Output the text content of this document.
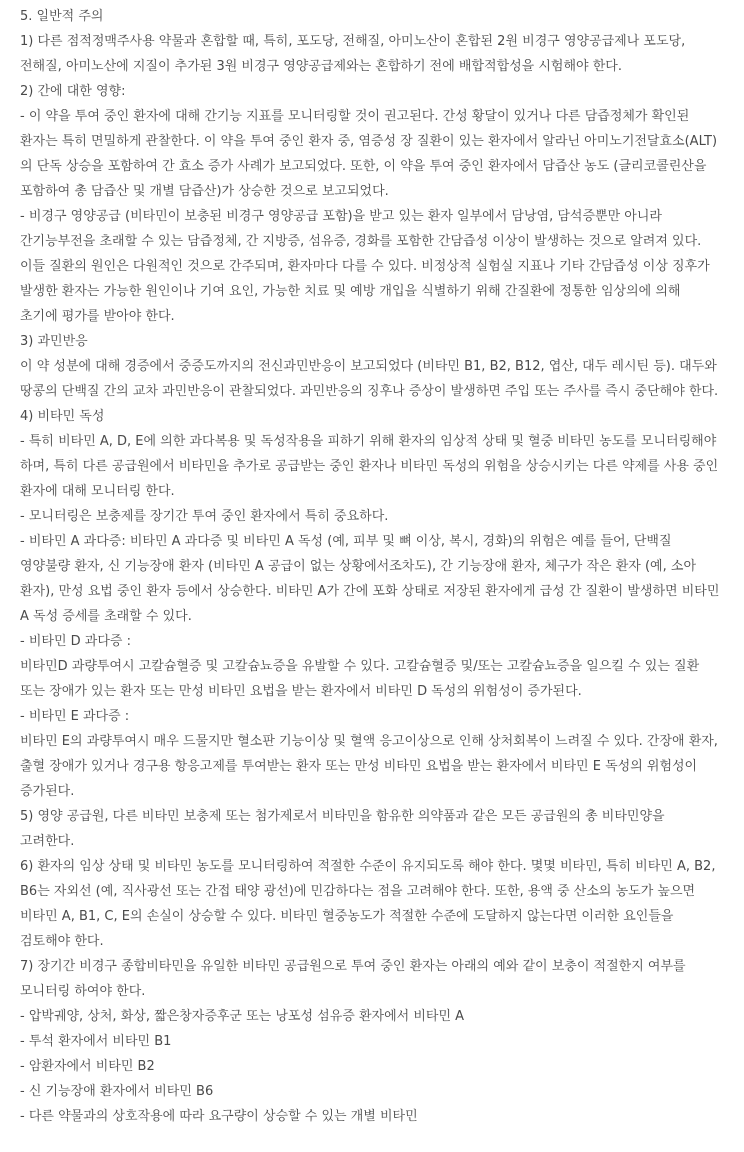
5. 일반적 주의

1) 다른 점적정맥주사용 약물과 혼합할 때, 특히, 포도당, 전해질, 아미노산이 혼합된 2원 비경구 영양공급제나 포도당, 전해질, 아미노산에 지질이 추가된 3원 비경구 영양공급제와는 혼합하기 전에 배합적합성을 시험해야 한다.

2) 간에 대한 영향:

- 이 약을 투여 중인 환자에 대해 간기능 지표를 모니터링할 것이 권고된다. 간성 황달이 있거나 다른 담즙정체가 확인된 환자는 특히 면밀하게 관찰한다. 이 약을 투여 중인 환자 중, 염증성 장 질환이 있는 환자에서 알라닌 아미노기전달효소(ALT)의 단독 상승을 포함하여 간 효소 증가 사례가 보고되었다. 또한, 이 약을 투여 중인 환자에서 담즙산 농도 (글리코콜린산을 포함하여 총 담즙산 및 개별 담즙산)가 상승한 것으로 보고되었다.

- 비경구 영양공급 (비타민이 보충된 비경구 영양공급 포함)을 받고 있는 환자 일부에서 담낭염, 담석증뿐만 아니라 간기능부전을 초래할 수 있는 담즙정체, 간 지방증, 섬유증, 경화를 포함한 간담즙성 이상이 발생하는 것으로 알려져 있다. 이들 질환의 원인은 다원적인 것으로 간주되며, 환자마다 다를 수 있다. 비정상적 실험실 지표나 기타 간담즙성 이상 징후가 발생한 환자는 가능한 원인이나 기여 요인, 가능한 치료 및 예방 개입을 식별하기 위해 간질환에 정통한 임상의에 의해 초기에 평가를 받아야 한다.

3) 과민반응

이 약 성분에 대해 경증에서 중증도까지의 전신과민반응이 보고되었다 (비타민 B1, B2, B12, 엽산, 대두 레시틴 등). 대두와 땅콩의 단백질 간의 교차 과민반응이 관찰되었다. 과민반응의 징후나 증상이 발생하면 주입 또는 주사를 즉시 중단해야 한다.

4) 비타민 독성

- 특히 비타민 A, D, E에 의한 과다복용 및 독성작용을 피하기 위해 환자의 임상적 상태 및 혈중 비타민 농도를 모니터링해야 하며, 특히 다른 공급원에서 비타민을 추가로 공급받는 중인 환자나 비타민 독성의 위험을 상승시키는 다른 약제를 사용 중인 환자에 대해 모니터링 한다.

- 모니터링은 보충제를 장기간 투여 중인 환자에서 특히 중요하다.

- 비타민 A 과다증: 비타민 A 과다증 및 비타민 A 독성 (예, 피부 및 뼈 이상, 복시, 경화)의 위험은 예를 들어, 단백질 영양불량 환자, 신 기능장애 환자 (비타민 A 공급이 없는 상황에서조차도), 간 기능장애 환자, 체구가 작은 환자 (예, 소아 환자), 만성 요법 중인 환자 등에서 상승한다. 비타민 A가 간에 포화 상태로 저장된 환자에게 급성 간 질환이 발생하면 비타민 A 독성 증세를 초래할 수 있다.

- 비타민 D 과다증 :

비타민D 과량투여시 고칼슘혈증 및 고칼슘뇨증을 유발할 수 있다. 고칼슘혈증 및/또는 고칼슘뇨증을 일으킬 수 있는 질환 또는 장애가 있는 환자 또는 만성 비타민 요법을 받는 환자에서 비타민 D 독성의 위험성이 증가된다.

- 비타민 E 과다증 :

비타민 E의 과량투여시 매우 드물지만 혈소판 기능이상 및 혈액 응고이상으로 인해 상처회복이 느려질 수 있다. 간장애 환자, 출혈 장애가 있거나 경구용 항응고제를 투여받는 환자 또는 만성 비타민 요법을 받는 환자에서 비타민 E 독성의 위험성이 증가된다.

5) 영양 공급원, 다른 비타민 보충제 또는 첨가제로서 비타민을 함유한 의약품과 같은 모든 공급원의 총 비타민양을 고려한다.

6) 환자의 임상 상태 및 비타민 농도를 모니터링하여 적절한 수준이 유지되도록 해야 한다. 몇몇 비타민, 특히 비타민 A, B2, B6는 자외선 (예, 직사광선 또는 간접 태양 광선)에 민감하다는 점을 고려해야 한다. 또한, 용액 중 산소의 농도가 높으면 비타민 A, B1, C, E의 손실이 상승할 수 있다. 비타민 혈중농도가 적절한 수준에 도달하지 않는다면 이러한 요인들을 검토해야 한다.

7) 장기간 비경구 종합비타민을 유일한 비타민 공급원으로 투여 중인 환자는 아래의 예와 같이 보충이 적절한지 여부를 모니터링 하여야 한다.

- 압박궤양, 상처, 화상, 짧은창자증후군 또는 낭포성 섬유증 환자에서 비타민 A

- 투석 환자에서 비타민 B1

- 암환자에서 비타민 B2

- 신 기능장애 환자에서 비타민 B6

- 다른 약물과의 상호작용에 따라 요구량이 상승할 수 있는 개별 비타민
